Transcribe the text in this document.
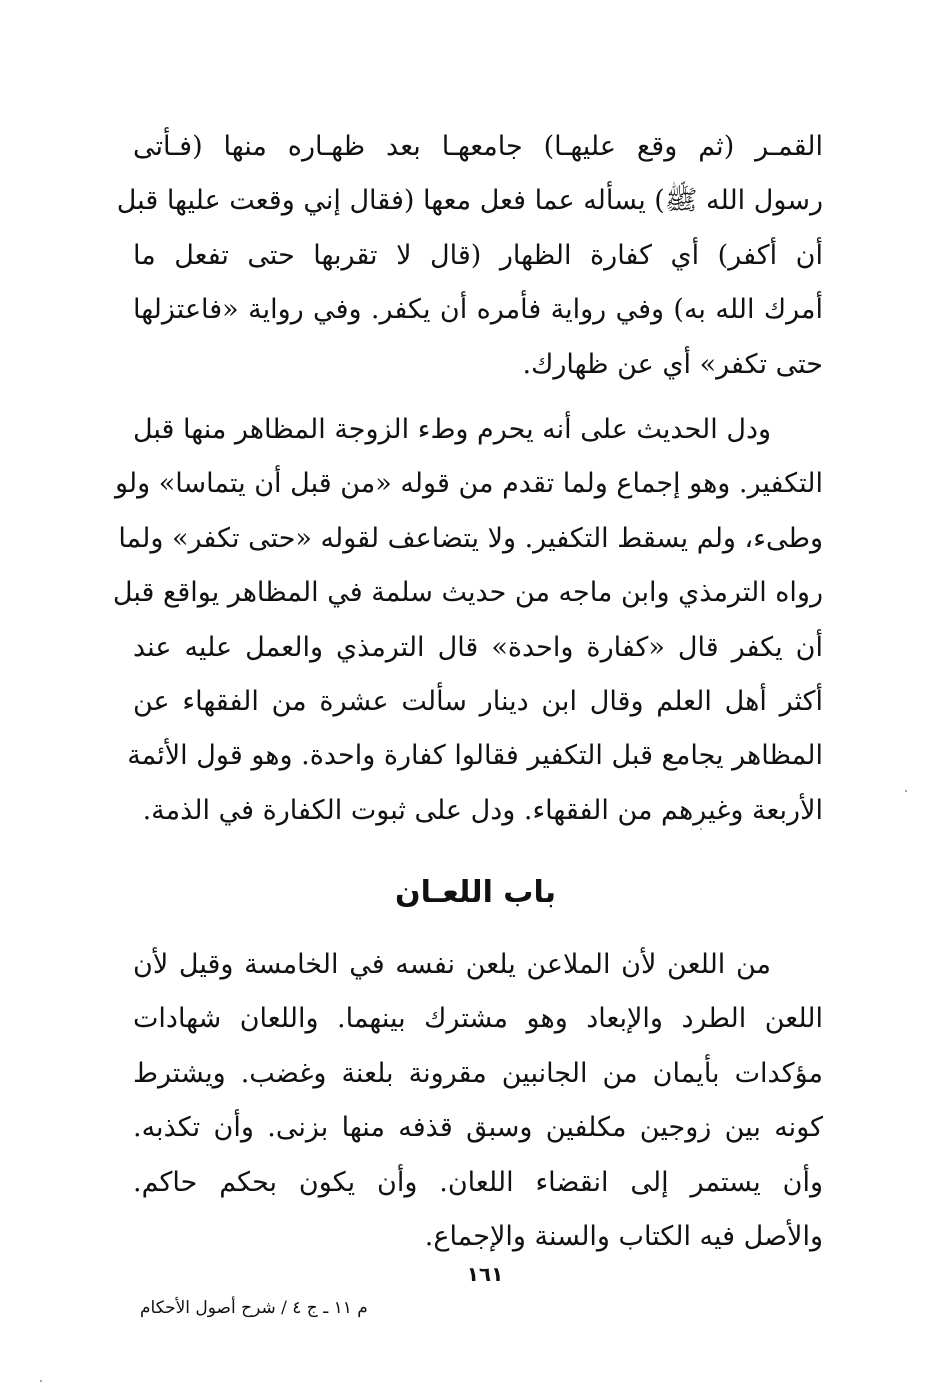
القمـر (ثم وقع عليهـا) جامعهـا بعد ظهـاره منها (فـأتى
رسول الله ﷺ) يسأله عما فعل معها (فقال إني وقعت عليها قبل
أن أكفر) أي كفارة الظهار (قال لا تقربها حتى تفعل ما
أمرك الله به) وفي رواية فأمره أن يكفر. وفي رواية «فاعتزلها
حتى تكفر» أي عن ظهارك.
ودل الحديث على أنه يحرم وطء الزوجة المظاهر منها قبل
التكفير. وهو إجماع ولما تقدم من قوله «من قبل أن يتماسا» ولو
وطىء، ولم يسقط التكفير. ولا يتضاعف لقوله «حتى تكفر» ولما
رواه الترمذي وابن ماجه من حديث سلمة في المظاهر يواقع قبل
أن يكفر قال «كفارة واحدة» قال الترمذي والعمل عليه عند
أكثر أهل العلم وقال ابن دينار سألت عشرة من الفقهاء عن
المظاهر يجامع قبل التكفير فقالوا كفارة واحدة. وهو قول الأئمة
الأربعة وغيرهم من الفقهاء. ودل على ثبوت الكفارة في الذمة.
باب اللعـان
من اللعن لأن الملاعن يلعن نفسه في الخامسة وقيل لأن
اللعن الطرد والإبعاد وهو مشترك بينهما. واللعان شهادات
مؤكدات بأيمان من الجانبين مقرونة بلعنة وغضب. ويشترط
كونه بين زوجين مكلفين وسبق قذفه منها بزنى. وأن تكذبه.
وأن يستمر إلى انقضاء اللعان. وأن يكون بحكم حاكم.
والأصل فيه الكتاب والسنة والإجماع.
١٦١
م ١١ ـ ج ٤ / شرح أصول الأحكام
